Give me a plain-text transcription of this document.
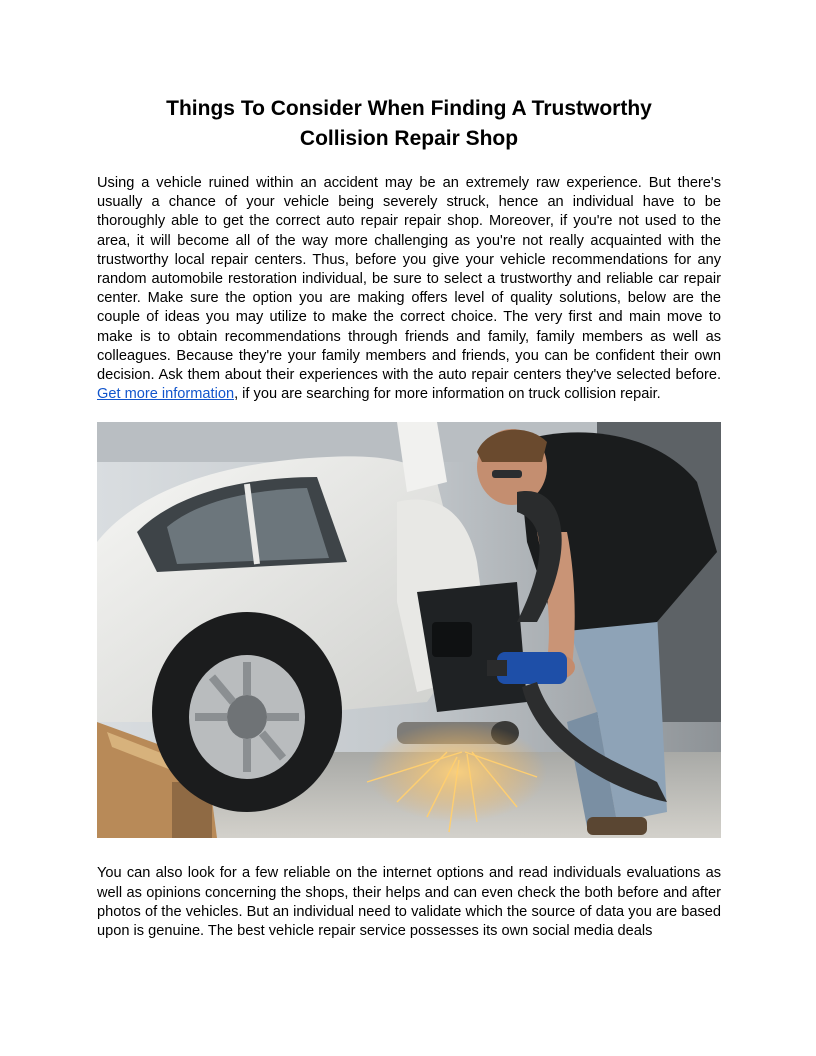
Things To Consider When Finding A Trustworthy
Collision Repair Shop

Using a vehicle ruined within an accident may be an extremely raw experience. But there's usually a chance of your vehicle being severely struck, hence an individual have to be thoroughly able to get the correct auto repair repair shop. Moreover, if you're not used to the area, it will become all of the way more challenging as you're not really acquainted with the trustworthy local repair centers. Thus, before you give your vehicle recommendations for any random automobile restoration individual, be sure to select a trustworthy and reliable car repair center. Make sure the option you are making offers level of quality solutions, below are the couple of ideas you may utilize to make the correct choice. The very first and main move to make is to obtain recommendations through friends and family, family members as well as colleagues. Because they're your family members and friends, you can be confident their own decision. Ask them about their experiences with the auto repair centers they've selected before. Get more information, if you are searching for more information on truck collision repair.

You can also look for a few reliable on the internet options and read individuals evaluations as well as opinions concerning the shops, their helps and can even check the both before and after photos of the vehicles. But an individual need to validate which the source of data you are based upon is genuine. The best vehicle repair service possesses its own social media deals
